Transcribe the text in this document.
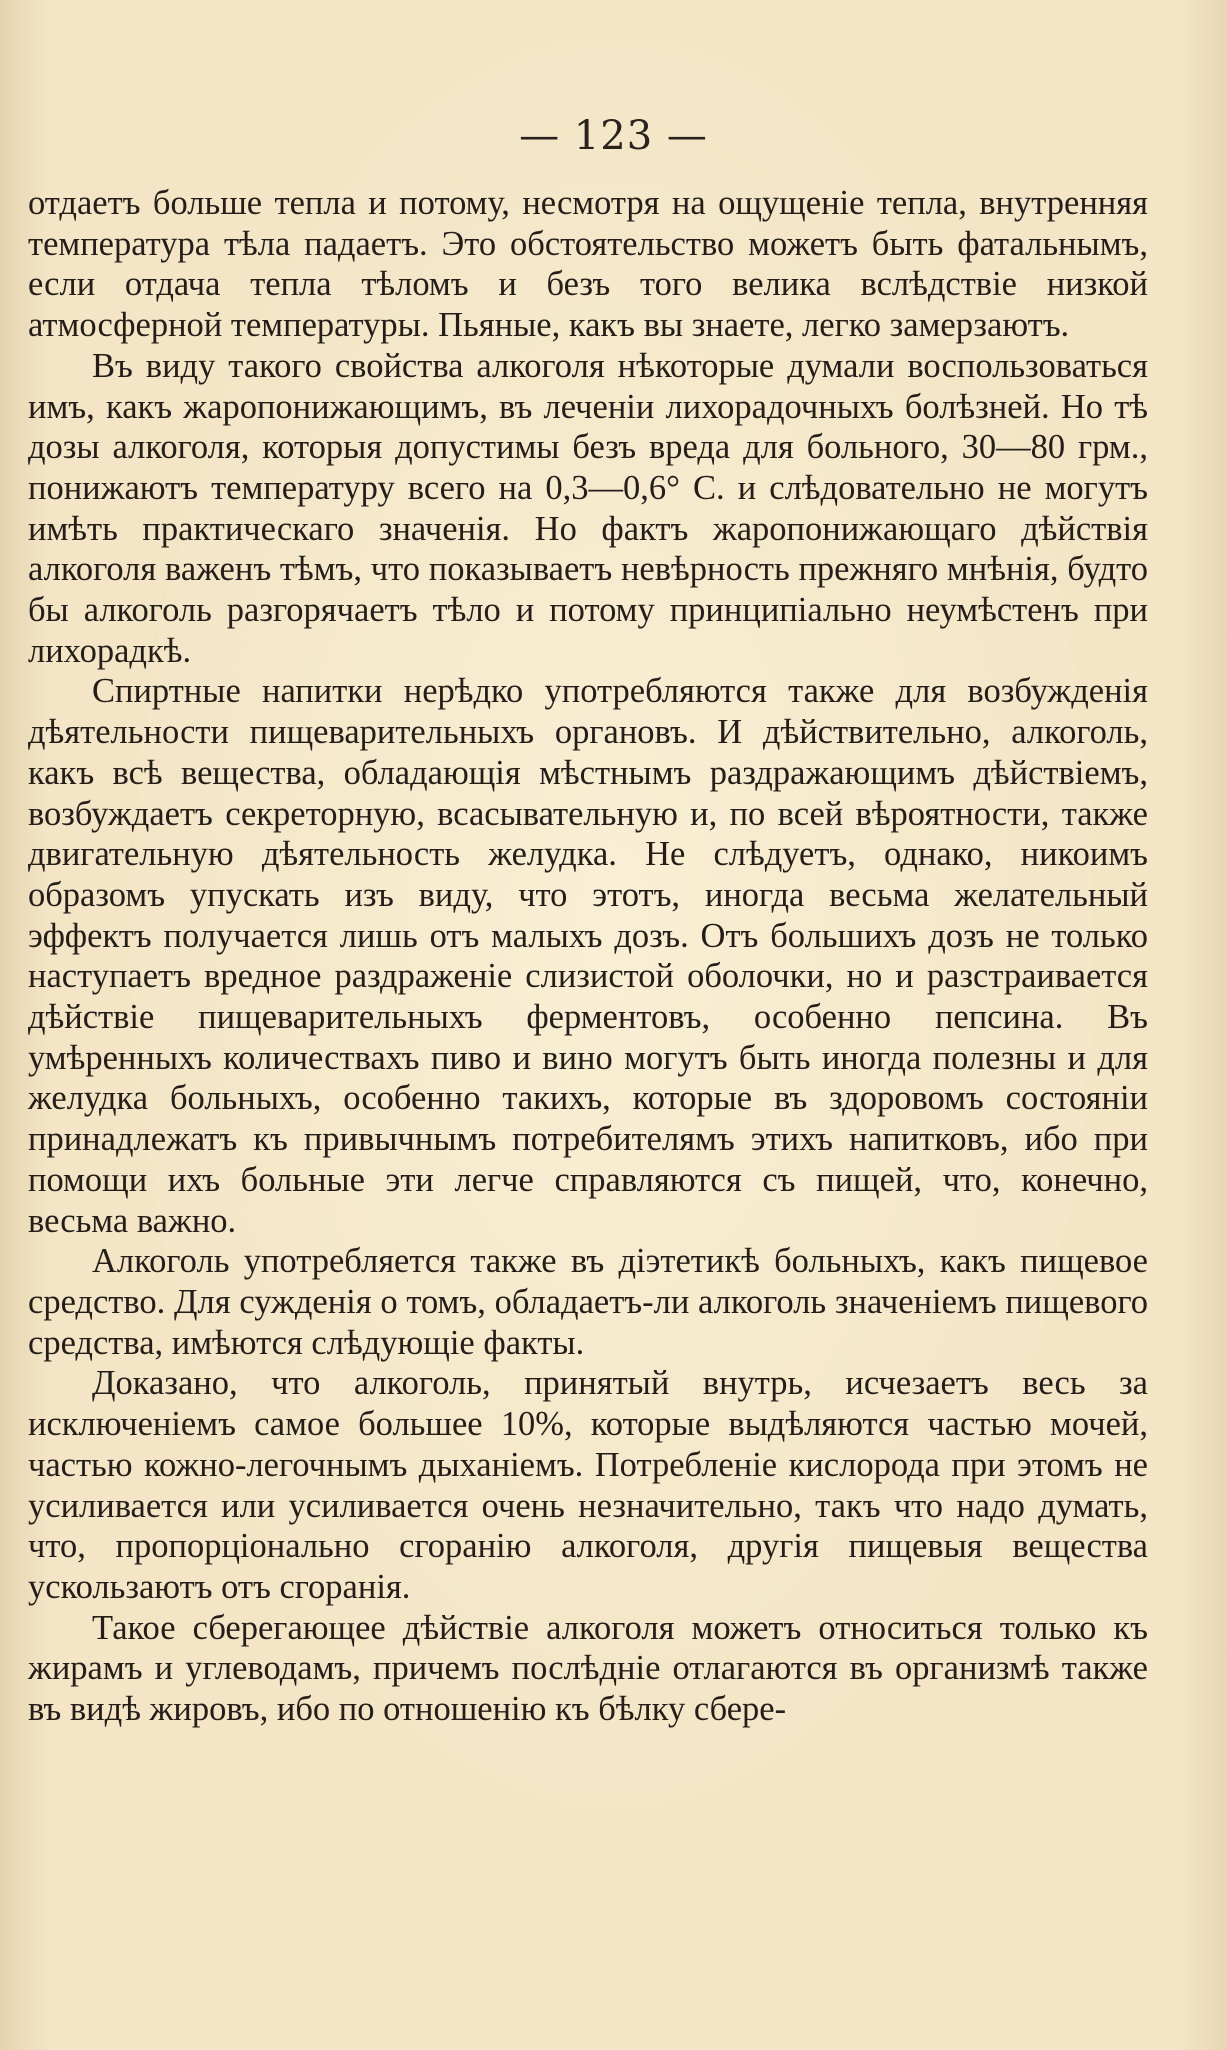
— 123 —

отдаетъ больше тепла и потому, несмотря на ощущеніе тепла, внутренняя температура тѣла падаетъ. Это обстоятельство можетъ быть фатальнымъ, если отдача тепла тѣломъ и безъ того велика вслѣдствіе низкой атмосферной температуры. Пьяные, какъ вы знаете, легко замерзаютъ.

Въ виду такого свойства алкоголя нѣкоторые думали воспользоваться имъ, какъ жаропонижающимъ, въ леченіи лихорадочныхъ болѣзней. Но тѣ дозы алкоголя, которыя допустимы безъ вреда для больного, 30—80 грм., понижаютъ температуру всего на 0,3—0,6° С. и слѣдовательно не могутъ имѣть практическаго значенія. Но фактъ жаропонижающаго дѣйствія алкоголя важенъ тѣмъ, что показываетъ невѣрность прежняго мнѣнія, будто бы алкоголь разгорячаетъ тѣло и потому принципіально неумѣстенъ при лихорадкѣ.

Спиртные напитки нерѣдко употребляются также для возбужденія дѣятельности пищеварительныхъ органовъ. И дѣйствительно, алкоголь, какъ всѣ вещества, обладающія мѣстнымъ раздражающимъ дѣйствіемъ, возбуждаетъ секреторную, всасывательную и, по всей вѣроятности, также двигательную дѣятельность желудка. Не слѣдуетъ, однако, никоимъ образомъ упускать изъ виду, что этотъ, иногда весьма желательный эффектъ получается лишь отъ малыхъ дозъ. Отъ большихъ дозъ не только наступаетъ вредное раздраженіе слизистой оболочки, но и разстраивается дѣйствіе пищеварительныхъ ферментовъ, особенно пепсина. Въ умѣренныхъ количествахъ пиво и вино могутъ быть иногда полезны и для желудка больныхъ, особенно такихъ, которые въ здоровомъ состояніи принадлежатъ къ привычнымъ потребителямъ этихъ напитковъ, ибо при помощи ихъ больные эти легче справляются съ пищей, что, конечно, весьма важно.

Алкоголь употребляется также въ діэтетикѣ больныхъ, какъ пищевое средство. Для сужденія о томъ, обладаетъ-ли алкоголь значеніемъ пищевого средства, имѣются слѣдующіе факты.

Доказано, что алкоголь, принятый внутрь, исчезаетъ весь за исключеніемъ самое большее 10%, которые выдѣляются частью мочей, частью кожно-легочнымъ дыханіемъ. Потребленіе кислорода при этомъ не усиливается или усиливается очень незначительно, такъ что надо думать, что, пропорціонально сгоранію алкоголя, другія пищевыя вещества ускользаютъ отъ сгоранія.

Такое сберегающее дѣйствіе алкоголя можетъ относиться только къ жирамъ и углеводамъ, причемъ послѣдніе отлагаются въ организмѣ также въ видѣ жировъ, ибо по отношенію къ бѣлку сбере-
